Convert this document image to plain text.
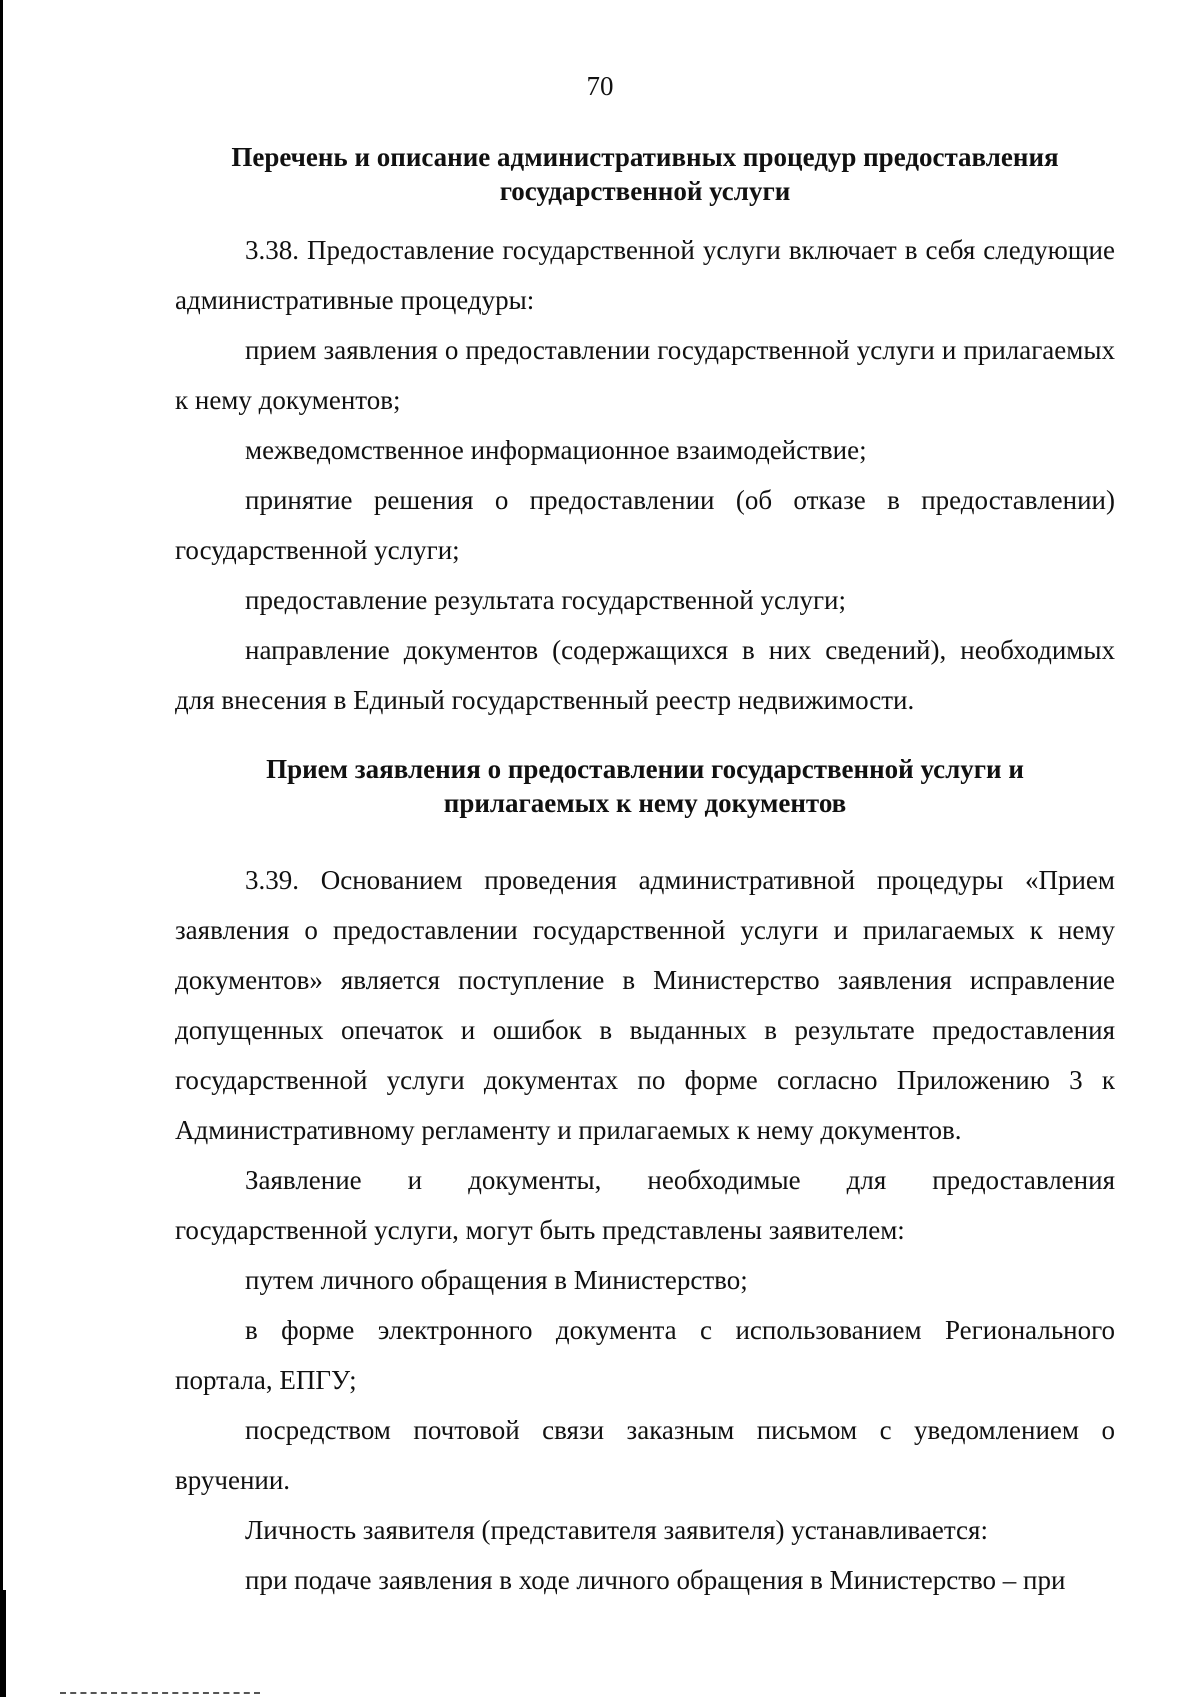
70

Перечень и описание административных процедур предоставления

государственной услуги

3.38. Предоставление государственной услуги включает в себя следующие административные процедуры:

прием заявления о предоставлении государственной услуги и прилагаемых к нему документов;

межведомственное информационное взаимодействие;

принятие решения о предоставлении (об отказе в предоставлении) государственной услуги;

предоставление результата государственной услуги;

направление документов (содержащихся в них сведений), необходимых для внесения в Единый государственный реестр недвижимости.

Прием заявления о предоставлении государственной услуги и

прилагаемых к нему документов

3.39. Основанием проведения административной процедуры «Прием заявления о предоставлении государственной услуги и прилагаемых к нему документов» является поступление в Министерство заявления исправление допущенных опечаток и ошибок в выданных в результате предоставления государственной услуги документах по форме согласно Приложению 3 к Административному регламенту и прилагаемых к нему документов.

Заявление и документы, необходимые для предоставления государственной услуги, могут быть представлены заявителем:

путем личного обращения в Министерство;

в форме электронного документа с использованием Регионального портала, ЕПГУ;

посредством почтовой связи заказным письмом с уведомлением о вручении.

Личность заявителя (представителя заявителя) устанавливается:

при подаче заявления в ходе личного обращения в Министерство – при
